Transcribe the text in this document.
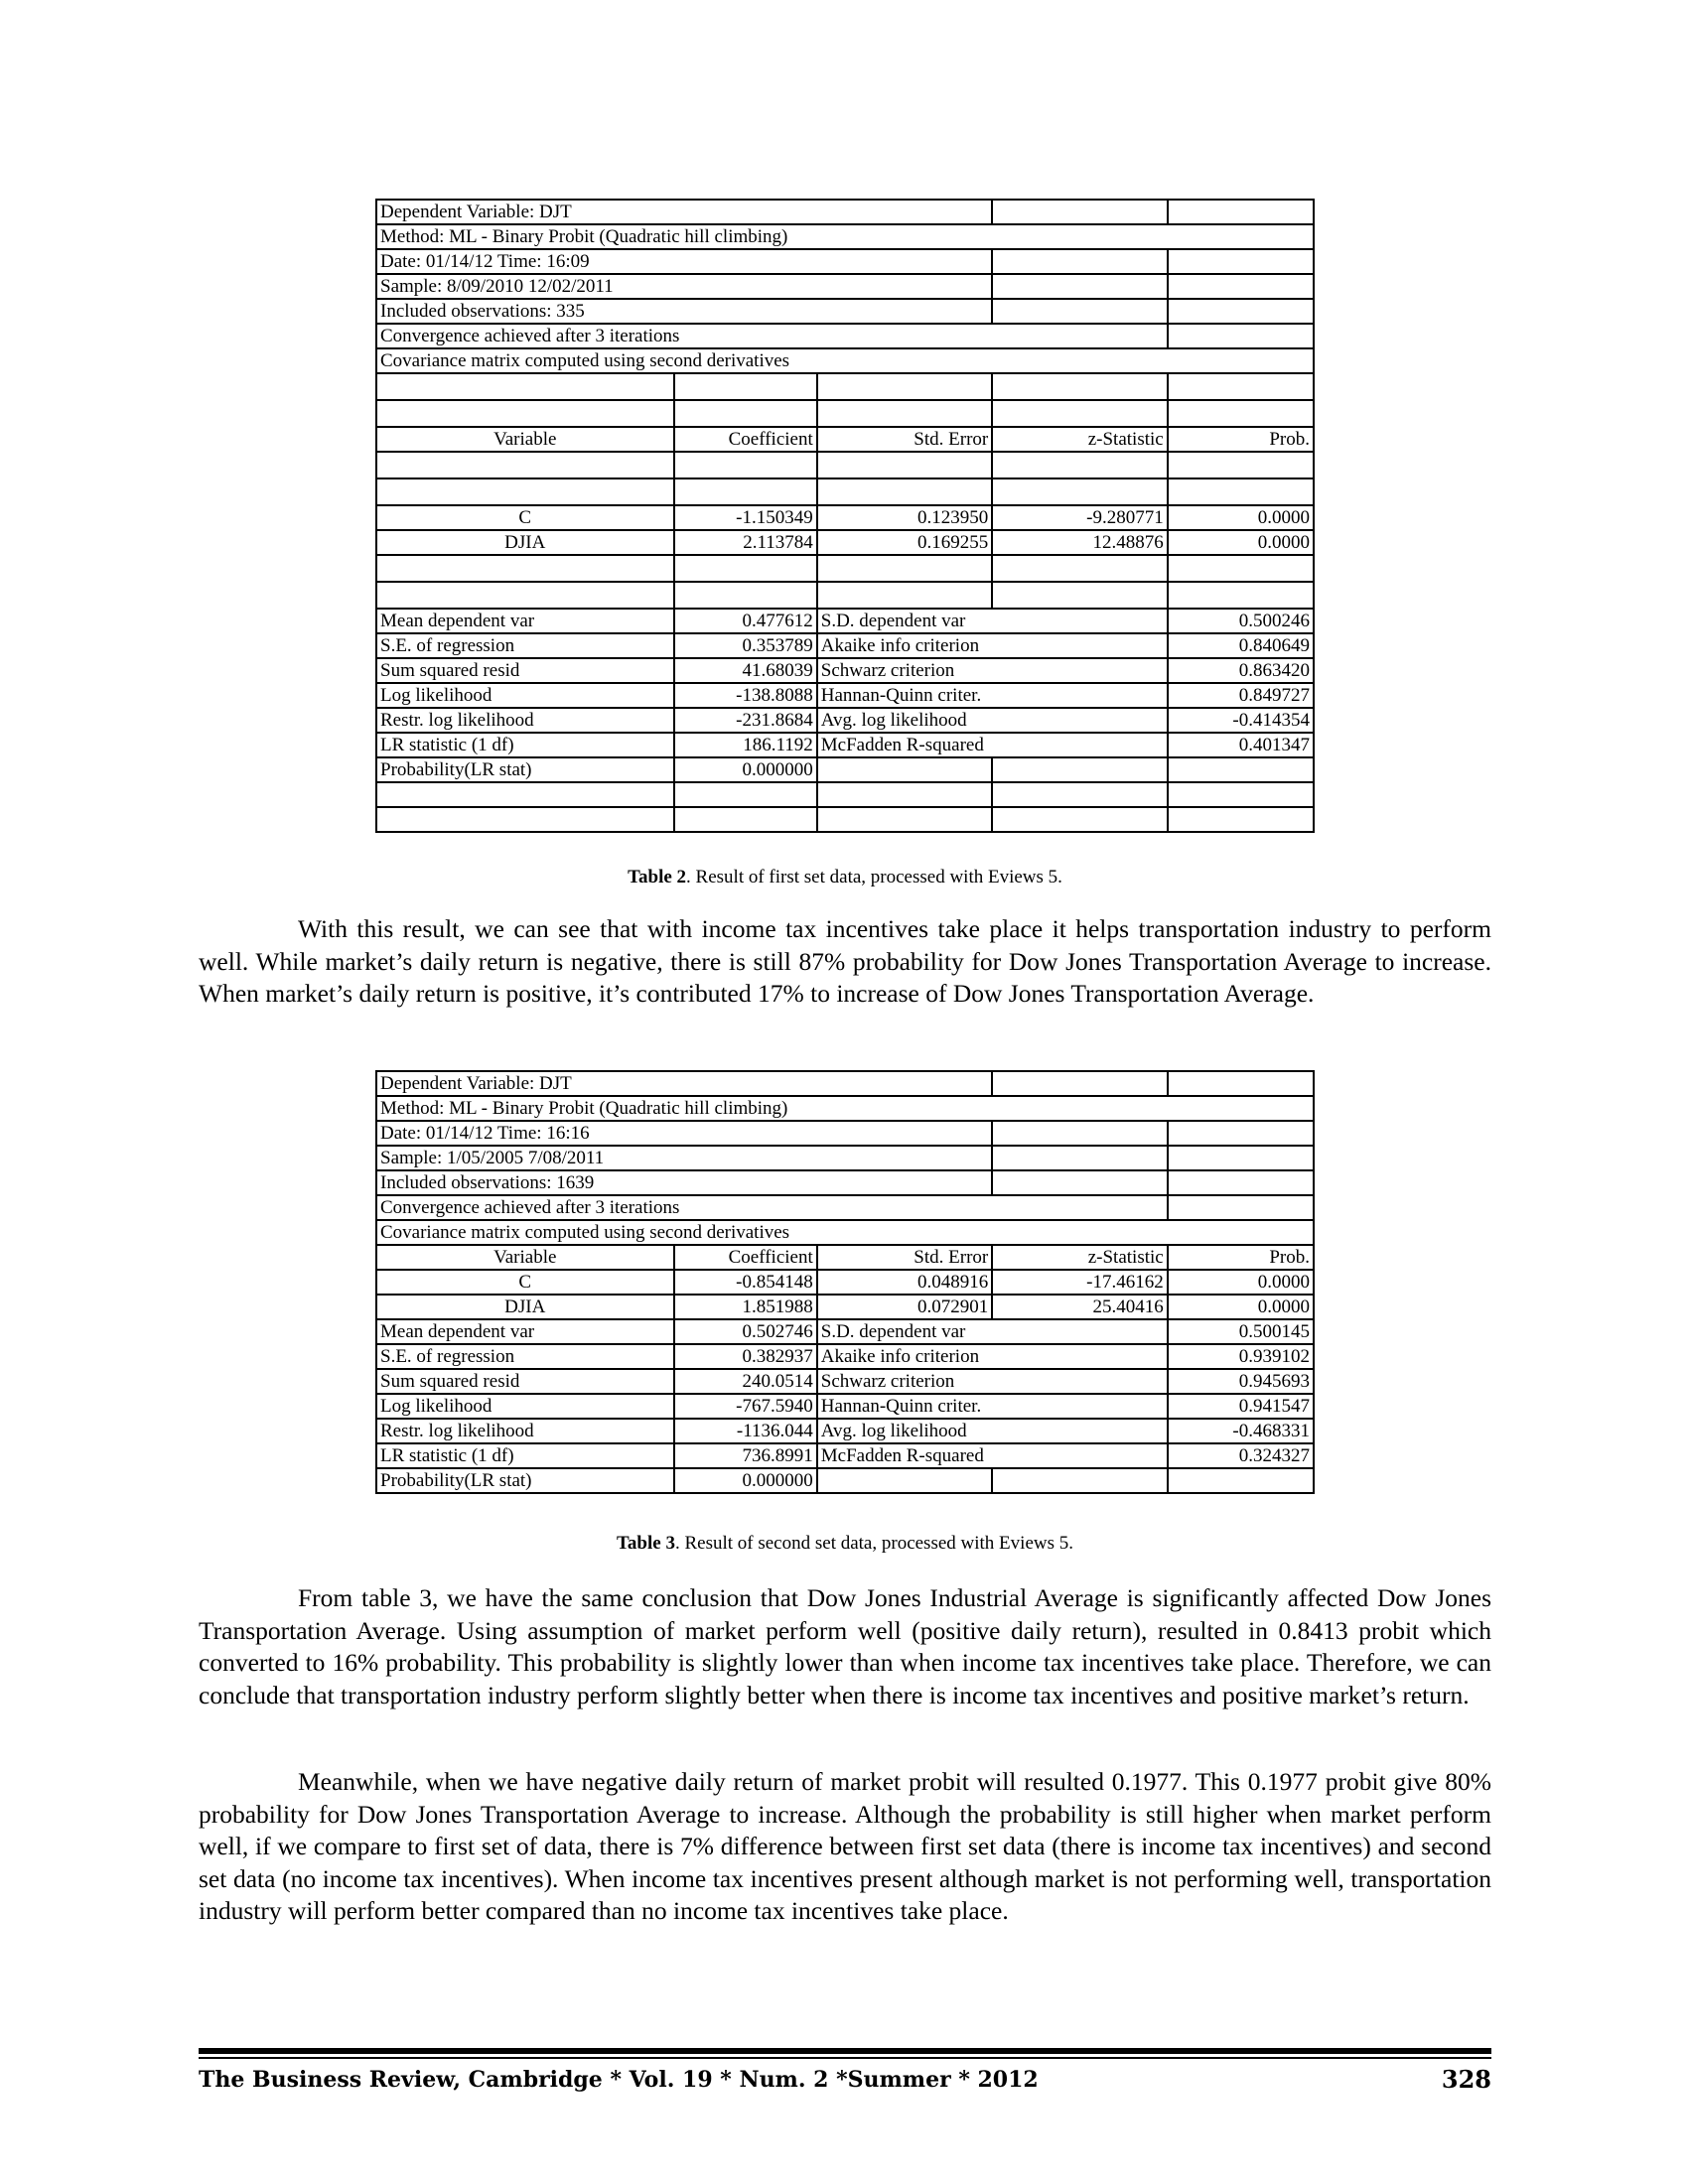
Dependent Variable: DJT				
Method: ML - Binary Probit (Quadratic hill climbing)				
Date: 01/14/12 Time: 16:09				
Sample: 8/09/2010 12/02/2011				
Included observations: 335				
Convergence achieved after 3 iterations				
Covariance matrix computed using second derivatives				

Variable	Coefficient	Std. Error	z-Statistic	Prob.

C	-1.150349	0.123950	-9.280771	0.0000
DJIA	2.113784	0.169255	12.48876	0.0000

Mean dependent var	0.477612	S.D. dependent var		0.500246
S.E. of regression	0.353789	Akaike info criterion		0.840649
Sum squared resid	41.68039	Schwarz criterion		0.863420
Log likelihood	-138.8088	Hannan-Quinn criter.		0.849727
Restr. log likelihood	-231.8684	Avg. log likelihood		-0.414354
LR statistic (1 df)	186.1192	McFadden R-squared		0.401347
Probability(LR stat)	0.000000			

Table 2. Result of first set data, processed with Eviews 5.

With this result, we can see that with income tax incentives take place it helps transportation industry to perform well. While market’s daily return is negative, there is still 87% probability for Dow Jones Transportation Average to increase. When market’s daily return is positive, it’s contributed 17% to increase of Dow Jones Transportation Average.

Dependent Variable: DJT				
Method: ML - Binary Probit (Quadratic hill climbing)				
Date: 01/14/12 Time: 16:16				
Sample: 1/05/2005 7/08/2011				
Included observations: 1639				
Convergence achieved after 3 iterations				
Covariance matrix computed using second derivatives				
Variable	Coefficient	Std. Error	z-Statistic	Prob.
C	-0.854148	0.048916	-17.46162	0.0000
DJIA	1.851988	0.072901	25.40416	0.0000
Mean dependent var	0.502746	S.D. dependent var		0.500145
S.E. of regression	0.382937	Akaike info criterion		0.939102
Sum squared resid	240.0514	Schwarz criterion		0.945693
Log likelihood	-767.5940	Hannan-Quinn criter.		0.941547
Restr. log likelihood	-1136.044	Avg. log likelihood		-0.468331
LR statistic (1 df)	736.8991	McFadden R-squared		0.324327
Probability(LR stat)	0.000000			
Table 3. Result of second set data, processed with Eviews 5.

From table 3, we have the same conclusion that Dow Jones Industrial Average is significantly affected Dow Jones Transportation Average. Using assumption of market perform well (positive daily return), resulted in 0.8413 probit which converted to 16% probability. This probability is slightly lower than when income tax incentives take place. Therefore, we can conclude that transportation industry perform slightly better when there is income tax incentives and positive market’s return.

Meanwhile, when we have negative daily return of market probit will resulted 0.1977. This 0.1977 probit give 80% probability for Dow Jones Transportation Average to increase. Although the probability is still higher when market perform well, if we compare to first set of data, there is 7% difference between first set data (there is income tax incentives) and second set data (no income tax incentives). When income tax incentives present although market is not performing well, transportation industry will perform better compared than no income tax incentives take place.

The Business Review, Cambridge * Vol. 19 * Num. 2 *Summer * 2012	328
